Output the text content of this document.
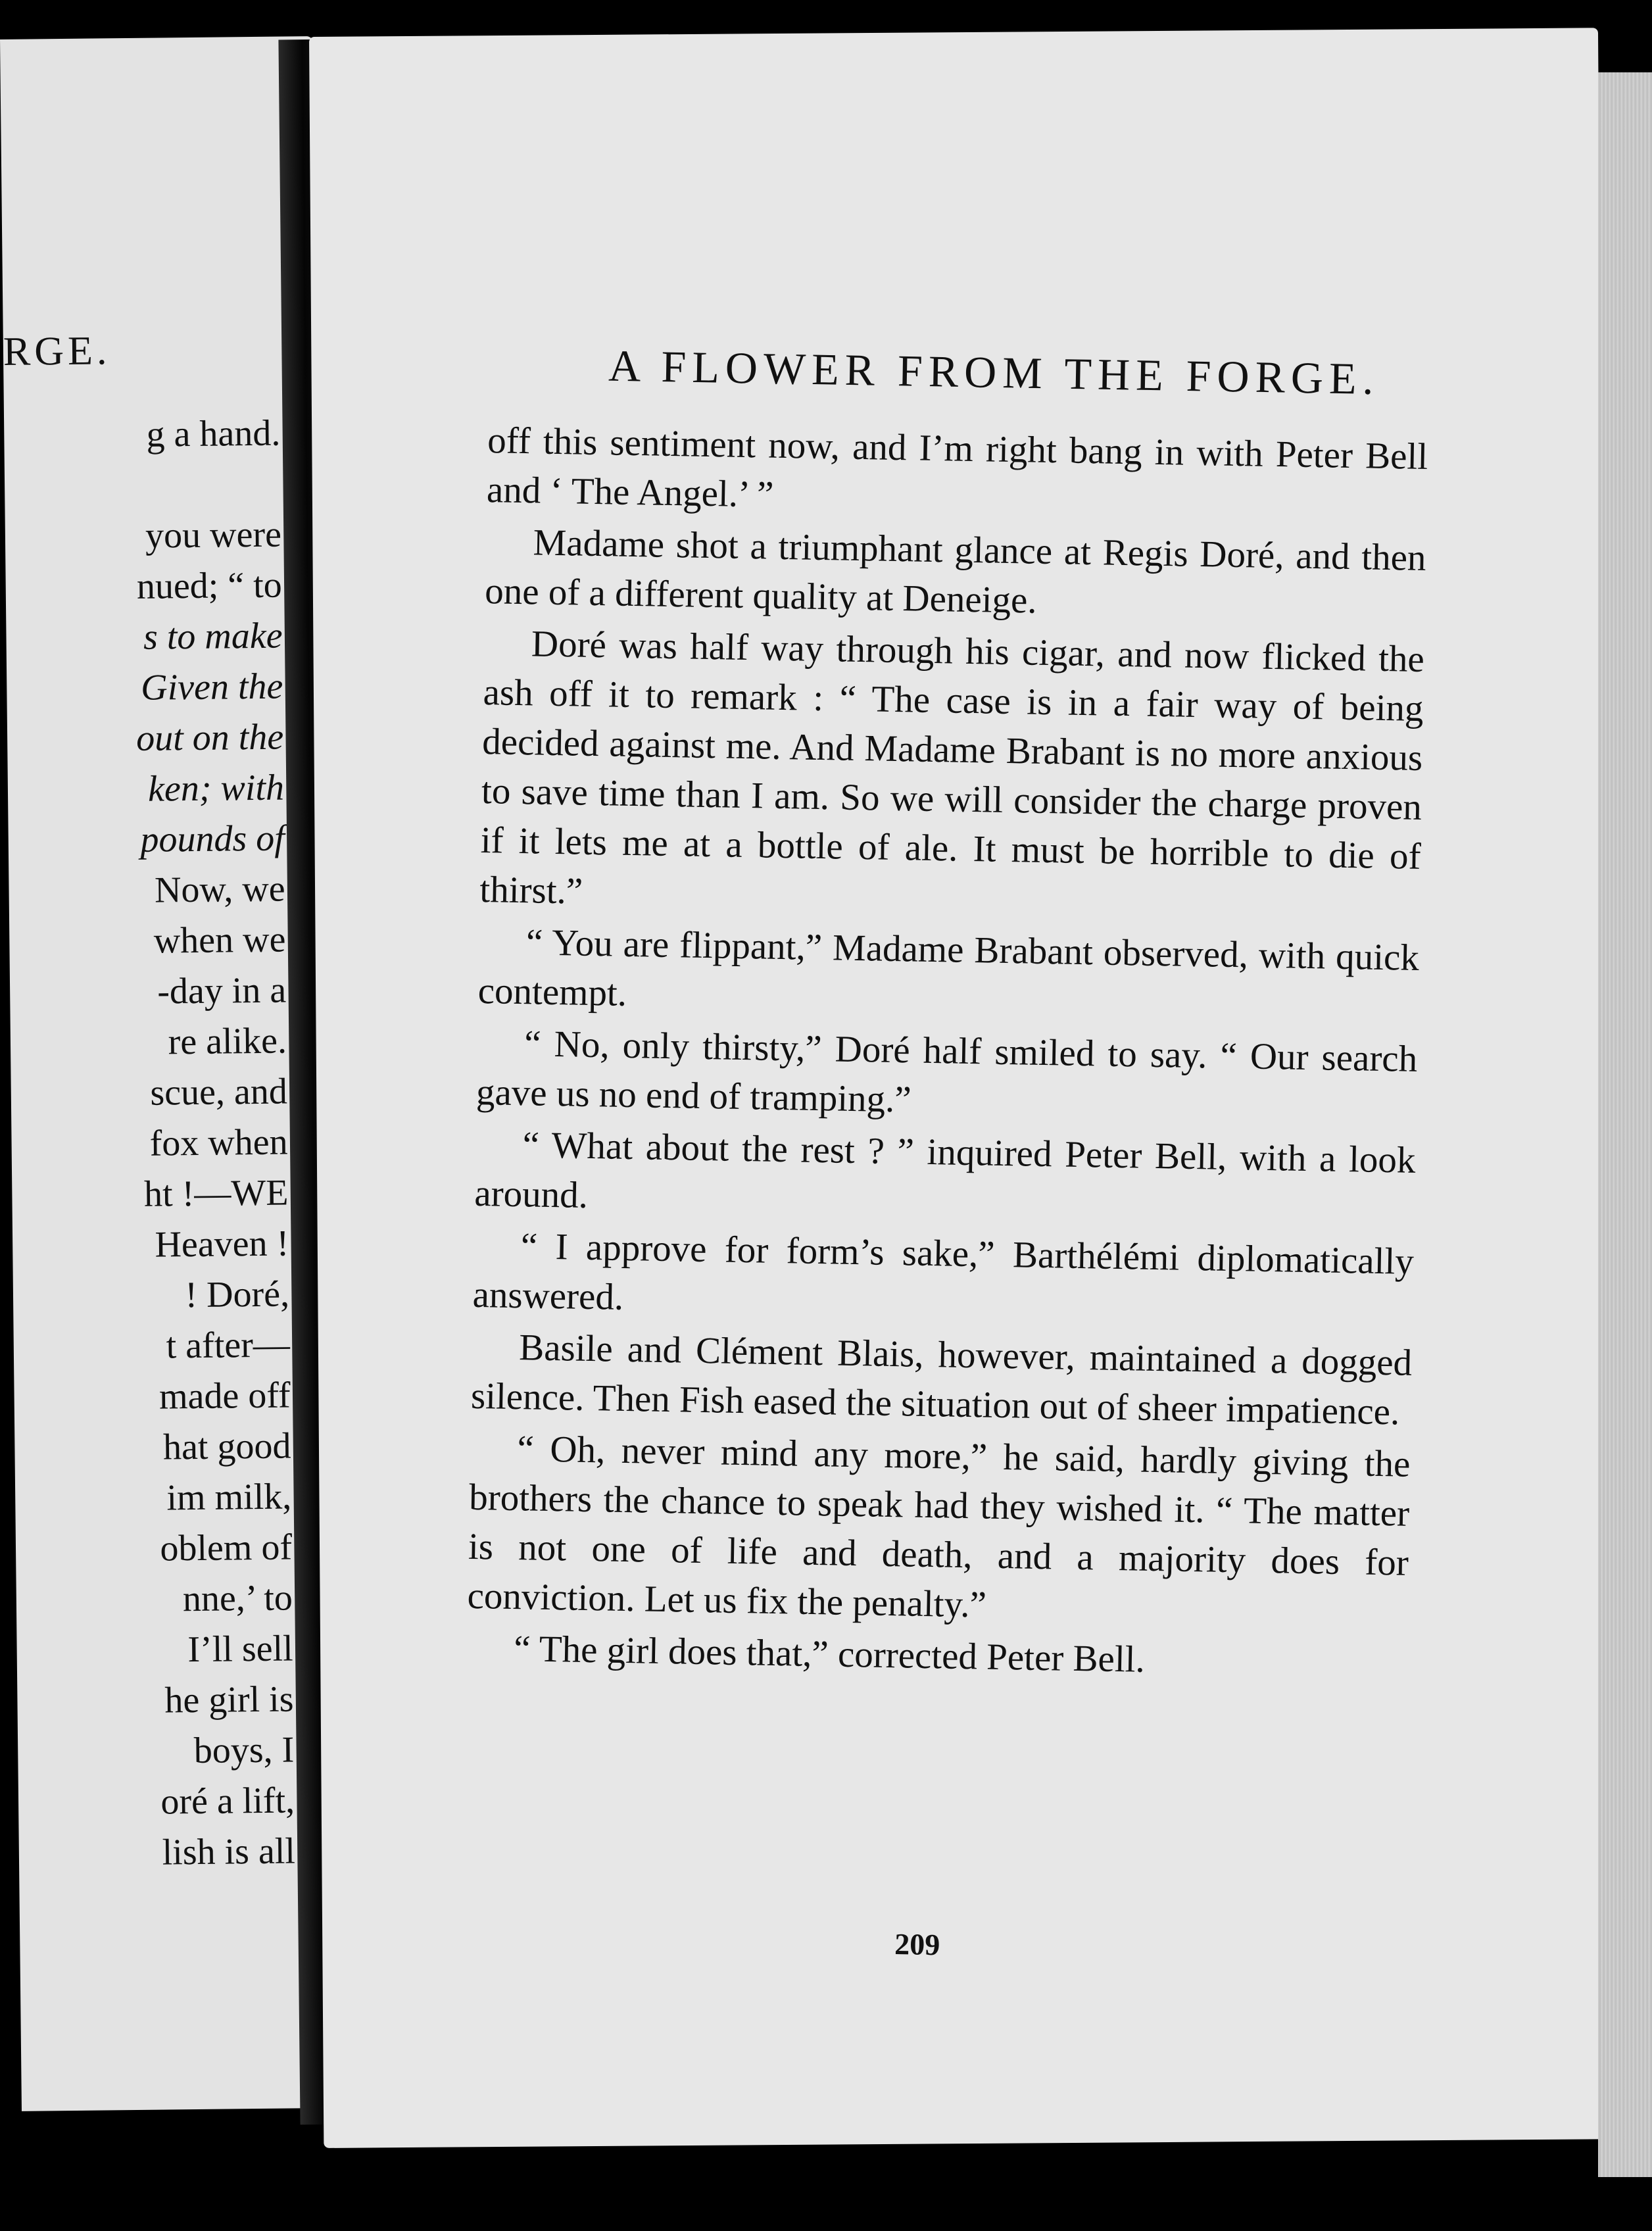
RGE.
g a hand.

you were
nued; “ to
s to make
Given the
out on the
ken; with
pounds of
Now, we
when we
-day in a
re alike.
scue, and
fox when
ht !—WE
Heaven !
! Doré,
t after—
made off
hat good
im milk,
oblem of
nne,’ to
I’ll sell
he girl is
boys, I
oré a lift,
lish is all
A FLOWER FROM THE FORGE.

off this sentiment now, and I’m right bang in with Peter Bell and ‘ The Angel.’ ”

Madame shot a triumphant glance at Regis Doré, and then one of a different quality at Deneige.

Doré was half way through his cigar, and now flicked the ash off it to remark : “ The case is in a fair way of being decided against me. And Madame Brabant is no more anxious to save time than I am. So we will consider the charge proven if it lets me at a bottle of ale. It must be horrible to die of thirst.”

“ You are flippant,” Madame Brabant observed, with quick contempt.

“ No, only thirsty,” Doré half smiled to say. “ Our search gave us no end of tramping.”

“ What about the rest ? ” inquired Peter Bell, with a look around.

“ I approve for form’s sake,” Barthélémi diplomatically answered.

Basile and Clément Blais, however, maintained a dogged silence. Then Fish eased the situation out of sheer impatience.

“ Oh, never mind any more,” he said, hardly giving the brothers the chance to speak had they wished it. “ The matter is not one of life and death, and a majority does for conviction. Let us fix the penalty.”

“ The girl does that,” corrected Peter Bell.

209
